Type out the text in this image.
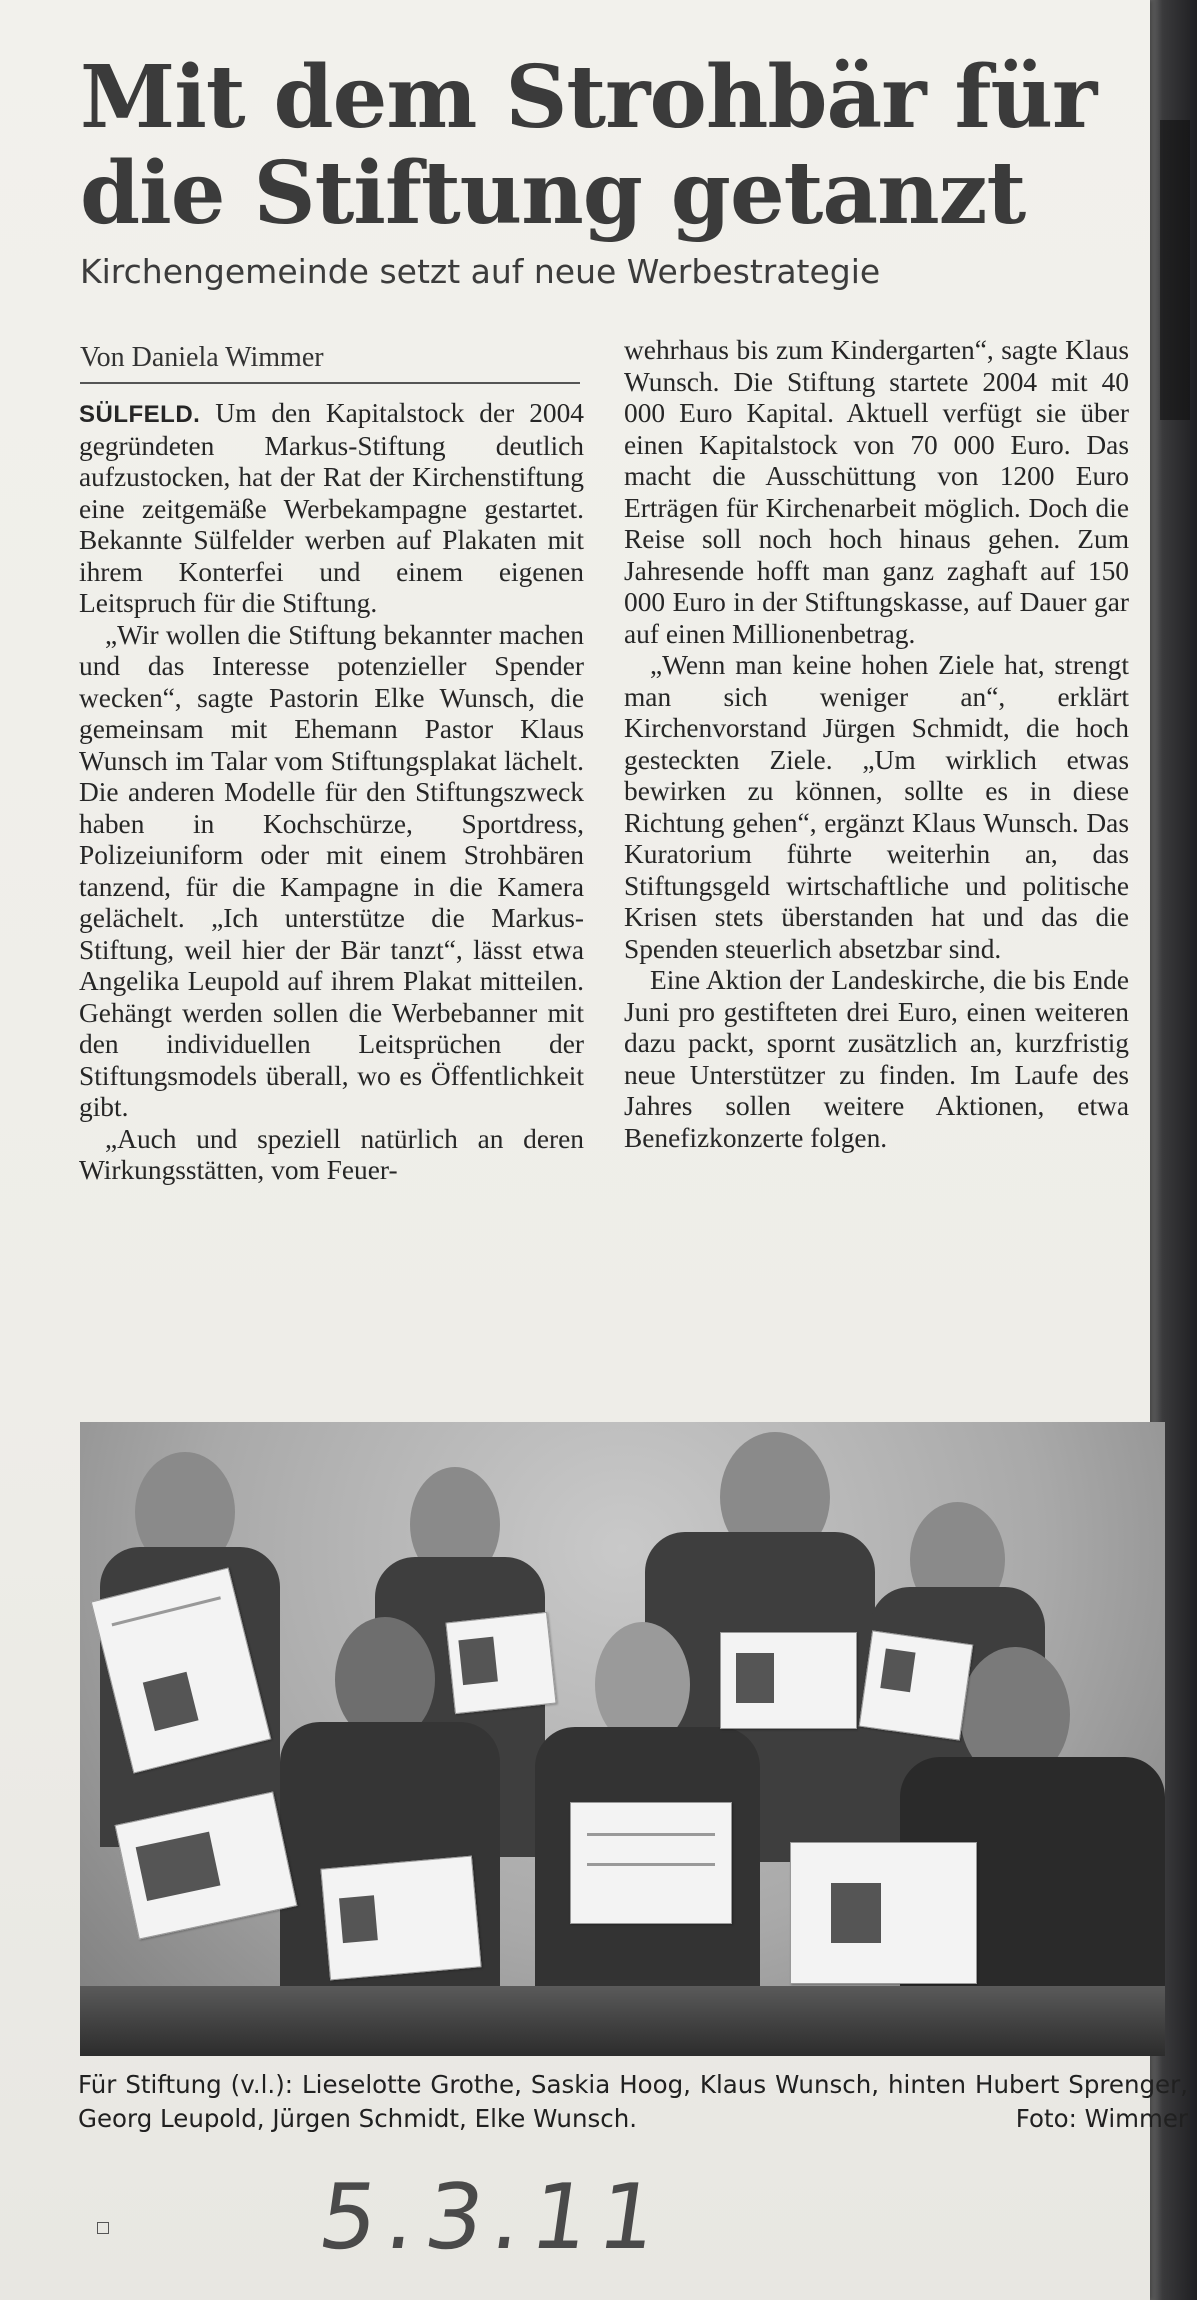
Mit dem Strohbär für die Stiftung getanzt
Kirchengemeinde setzt auf neue Werbestrategie
Von Daniela Wimmer

SÜLFELD. Um den Kapitalstock der 2004 gegründeten Markus-Stiftung deutlich aufzustocken, hat der Rat der Kirchenstiftung eine zeitgemäße Werbekampagne gestartet. Bekannte Sülfelder werben auf Plakaten mit ihrem Konterfei und einem eigenen Leitspruch für die Stiftung.

„Wir wollen die Stiftung bekannter machen und das Interesse potenzieller Spender wecken“, sagte Pastorin Elke Wunsch, die gemeinsam mit Ehemann Pastor Klaus Wunsch im Talar vom Stiftungsplakat lächelt. Die anderen Modelle für den Stiftungszweck haben in Kochschürze, Sportdress, Polizeiuniform oder mit einem Strohbären tanzend, für die Kampagne in die Kamera gelächelt. „Ich unterstütze die Markus-Stiftung, weil hier der Bär tanzt“, lässt etwa Angelika Leupold auf ihrem Plakat mitteilen. Gehängt werden sollen die Werbebanner mit den individuellen Leitsprüchen der Stiftungsmodels überall, wo es Öffentlichkeit gibt.

„Auch und speziell natürlich an deren Wirkungsstätten, vom Feuer-

wehrhaus bis zum Kindergarten“, sagte Klaus Wunsch. Die Stiftung startete 2004 mit 40 000 Euro Kapital. Aktuell verfügt sie über einen Kapitalstock von 70 000 Euro. Das macht die Ausschüttung von 1200 Euro Erträgen für Kirchenarbeit möglich. Doch die Reise soll noch hoch hinaus gehen. Zum Jahresende hofft man ganz zaghaft auf 150 000 Euro in der Stiftungskasse, auf Dauer gar auf einen Millionenbetrag.

„Wenn man keine hohen Ziele hat, strengt man sich weniger an“, erklärt Kirchenvorstand Jürgen Schmidt, die hoch gesteckten Ziele. „Um wirklich etwas bewirken zu können, sollte es in diese Richtung gehen“, ergänzt Klaus Wunsch. Das Kuratorium führte weiterhin an, das Stiftungsgeld wirtschaftliche und politische Krisen stets überstanden hat und das die Spenden steuerlich absetzbar sind.

Eine Aktion der Landeskirche, die bis Ende Juni pro gestifteten drei Euro, einen weiteren dazu packt, spornt zusätzlich an, kurzfristig neue Unterstützer zu finden. Im Laufe des Jahres sollen weitere Aktionen, etwa Benefizkonzerte folgen.

Für Stiftung (v.l.): Lieselotte Grothe, Saskia Hoog, Klaus Wunsch, hinten Hubert Sprenger, Georg Leupold, Jürgen Schmidt, Elke Wunsch.	Foto: Wimmer
5.3.11
